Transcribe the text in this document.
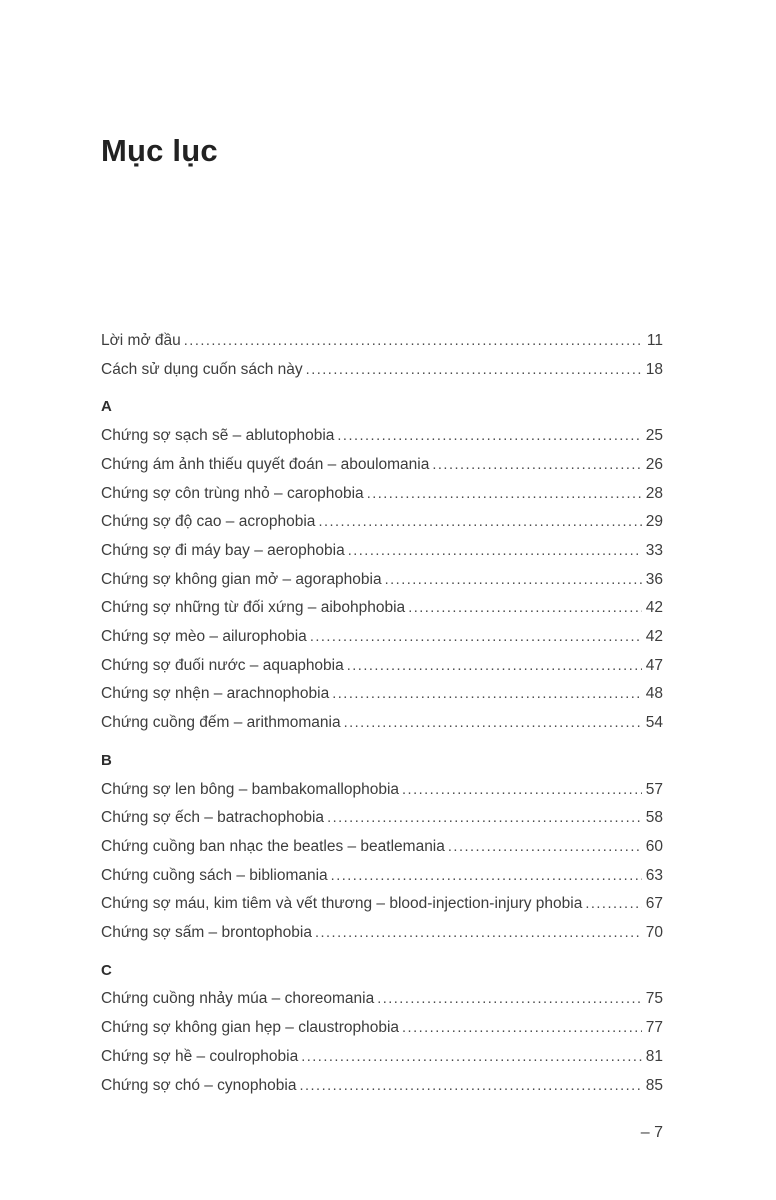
Mục lục
Lời mở đầu .....	11
Cách sử dụng cuốn sách này .....	18
A
Chứng sợ sạch sẽ – ablutophobia .....	25
Chứng ám ảnh thiếu quyết đoán – aboulomania .....	26
Chứng sợ côn trùng nhỏ – carophobia .....	28
Chứng sợ độ cao – acrophobia .....	29
Chứng sợ đi máy bay – aerophobia .....	33
Chứng sợ không gian mở – agoraphobia .....	36
Chứng sợ những từ đối xứng – aibohphobia .....	42
Chứng sợ mèo – ailurophobia .....	42
Chứng sợ đuối nước – aquaphobia .....	47
Chứng sợ nhện – arachnophobia .....	48
Chứng cuồng đếm – arithmomania .....	54
B
Chứng sợ len bông – bambakomallophobia .....	57
Chứng sợ ếch – batrachophobia .....	58
Chứng cuồng ban nhạc the beatles – beatlemania .....	60
Chứng cuồng sách – bibliomania .....	63
Chứng sợ máu, kim tiêm và vết thương – blood-injection-injury phobia .....	67
Chứng sợ sấm – brontophobia .....	70
C
Chứng cuồng nhảy múa – choreomania .....	75
Chứng sợ không gian hẹp – claustrophobia .....	77
Chứng sợ hề – coulrophobia .....	81
Chứng sợ chó – cynophobia .....	85
– 7
